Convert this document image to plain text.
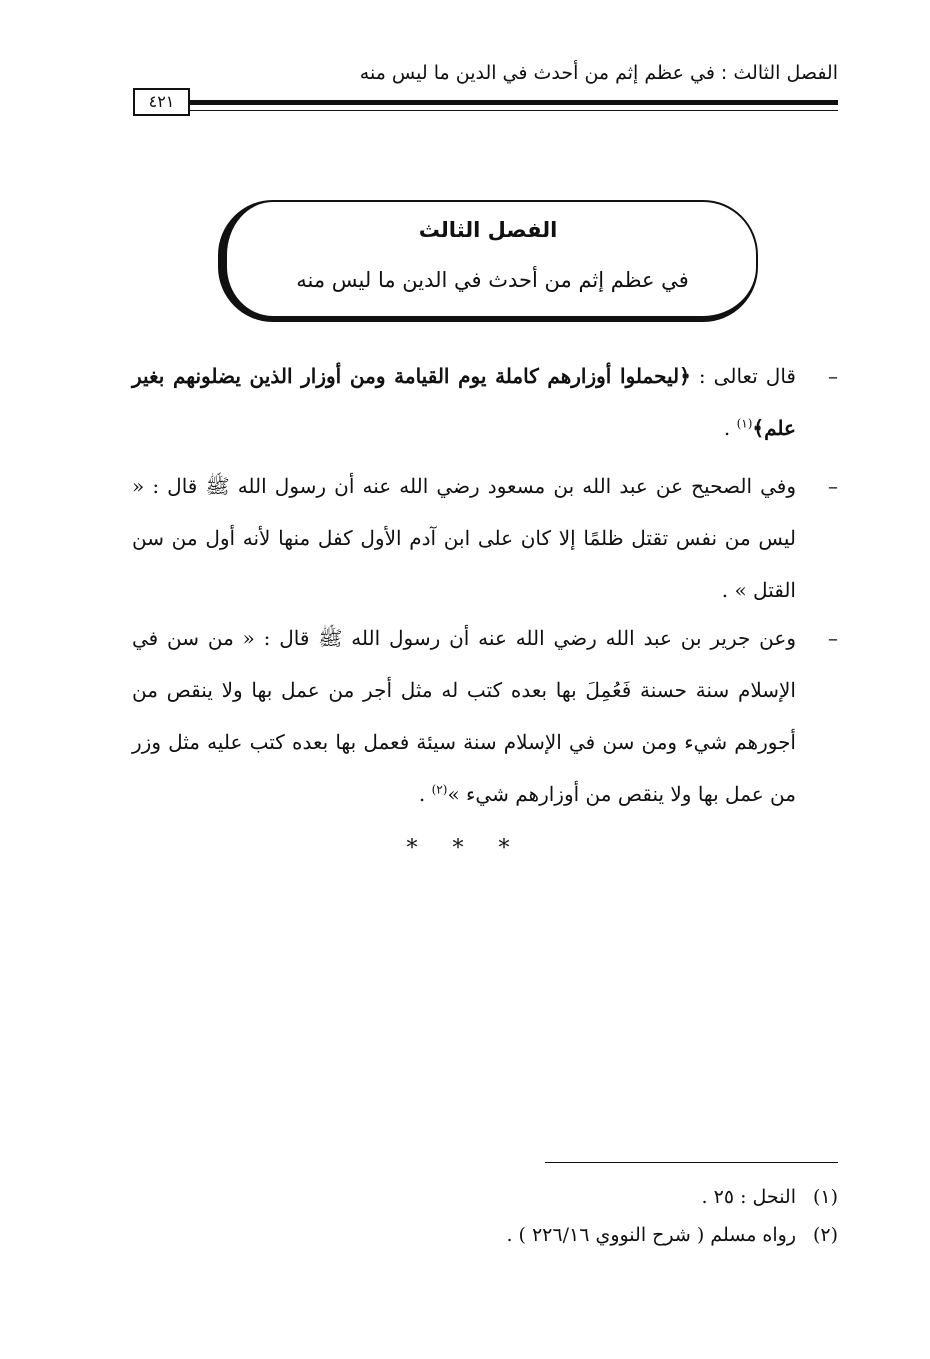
الفصل الثالث : في عظم إثم من أحدث في الدين ما ليس منه
٤٢١
الفصل الثالث
في عظم إثم من أحدث في الدين ما ليس منه

–
قال تعالى : ﴿ليحملوا أوزارهم كاملة يوم القيامة ومن أوزار الذين يضلونهم بغير علم﴾$^{(١)}$ .

–
وفي الصحيح عن عبد الله بن مسعود رضي الله عنه أن رسول الله ﷺ قال : « ليس من نفس تقتل ظلمًا إلا كان على ابن آدم الأول كفل منها لأنه أول من سن القتل » .

–
وعن جرير بن عبد الله رضي الله عنه أن رسول الله ﷺ قال : « من سن في الإسلام سنة حسنة فَعُمِلَ بها بعده كتب له مثل أجر من عمل بها ولا ينقص من أجورهم شيء ومن سن في الإسلام سنة سيئة فعمل بها بعده كتب عليه مثل وزر من عمل بها ولا ينقص من أوزارهم شيء »$^{(٢)}$ .

* * *
(١)النحل : ٢٥ .
(٢)رواه مسلم ( شرح النووي ٢٢٦/١٦ ) .
